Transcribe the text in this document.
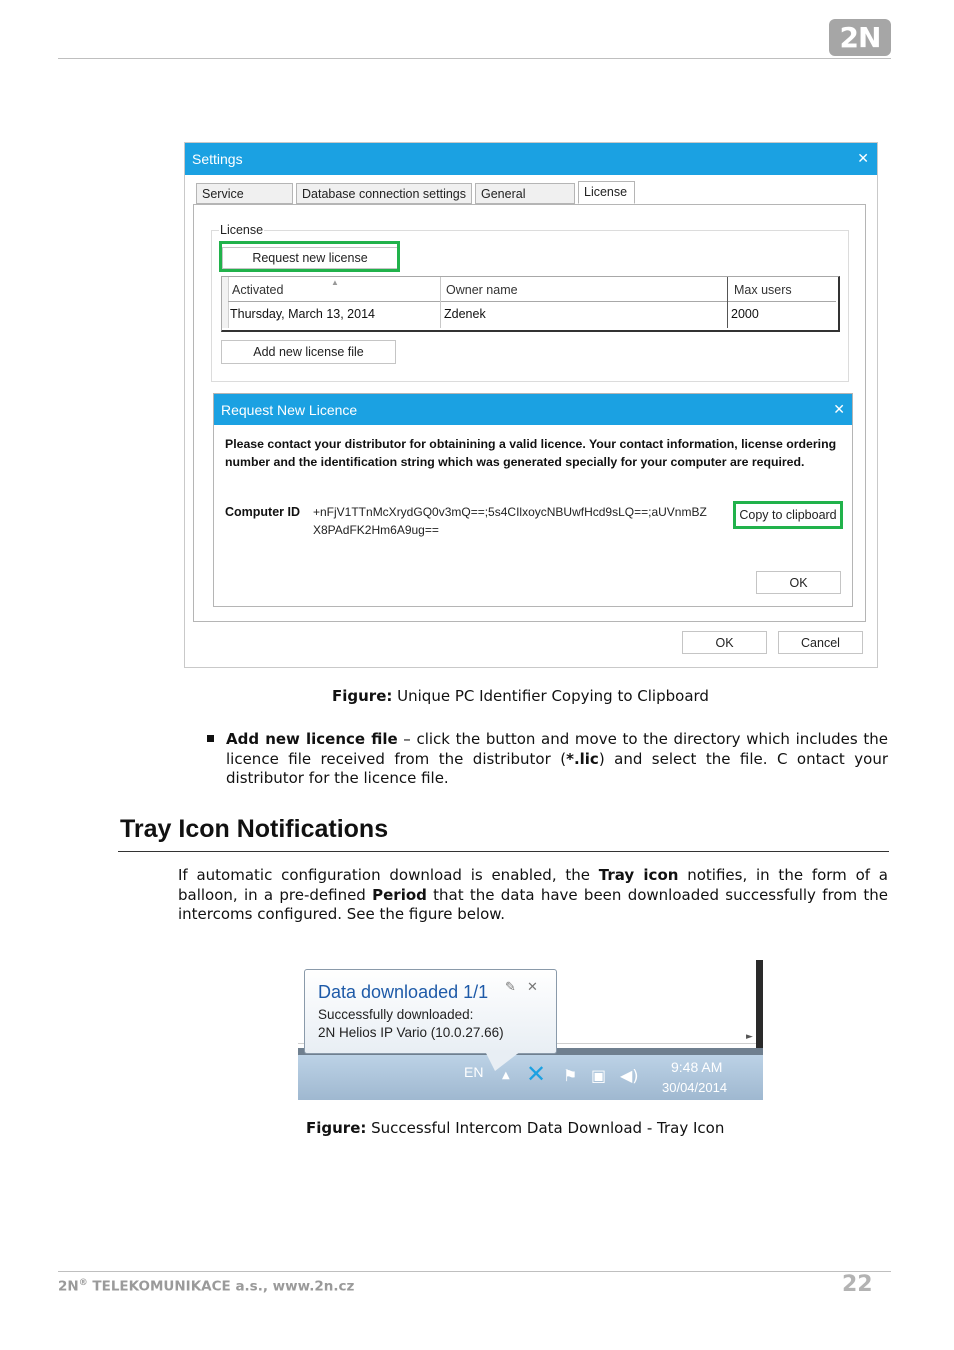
2N
Settings	✕
Service	Database connection settings	General	License
License
Request new license
▲
Activated	Owner name	Max users
Thursday, March 13, 2014	Zdenek	2000
Add new license file
Request New Licence	✕
Please contact your distributor for obtainining a valid licence. Your contact information, license ordering number and the identification string which was generated specially for your computer are required.
Computer ID +nFjV1TTnMcXrydGQ0v3mQ==;5s4CIlxoycNBUwfHcd9sLQ==;aUVnmBZ
X8PAdFK2Hm6A9ug==
Copy to clipboard
OK
OK	Cancel
Figure: Unique PC Identifier Copying to Clipboard
Add new licence file – click the button and move to the directory which includes the licence file received from the distributor (*.lic) and select the file. C ontact your distributor for the licence file.
Tray Icon Notifications
If automatic configuration download is enabled, the Tray icon notifies, in the form of a balloon, in a pre-defined Period that the data have been downloaded successfully from the intercoms configured. See the figure below.
►
EN ▲ ✕ ⚑ ▣ ◀) 9:48 AM
30/04/2014
Data downloaded 1/1 ✎ ✕
Successfully downloaded:
2N Helios IP Vario (10.0.27.66)
Figure: Successful Intercom Data Download - Tray Icon
2N® TELEKOMUNIKACE a.s., www.2n.cz	22
